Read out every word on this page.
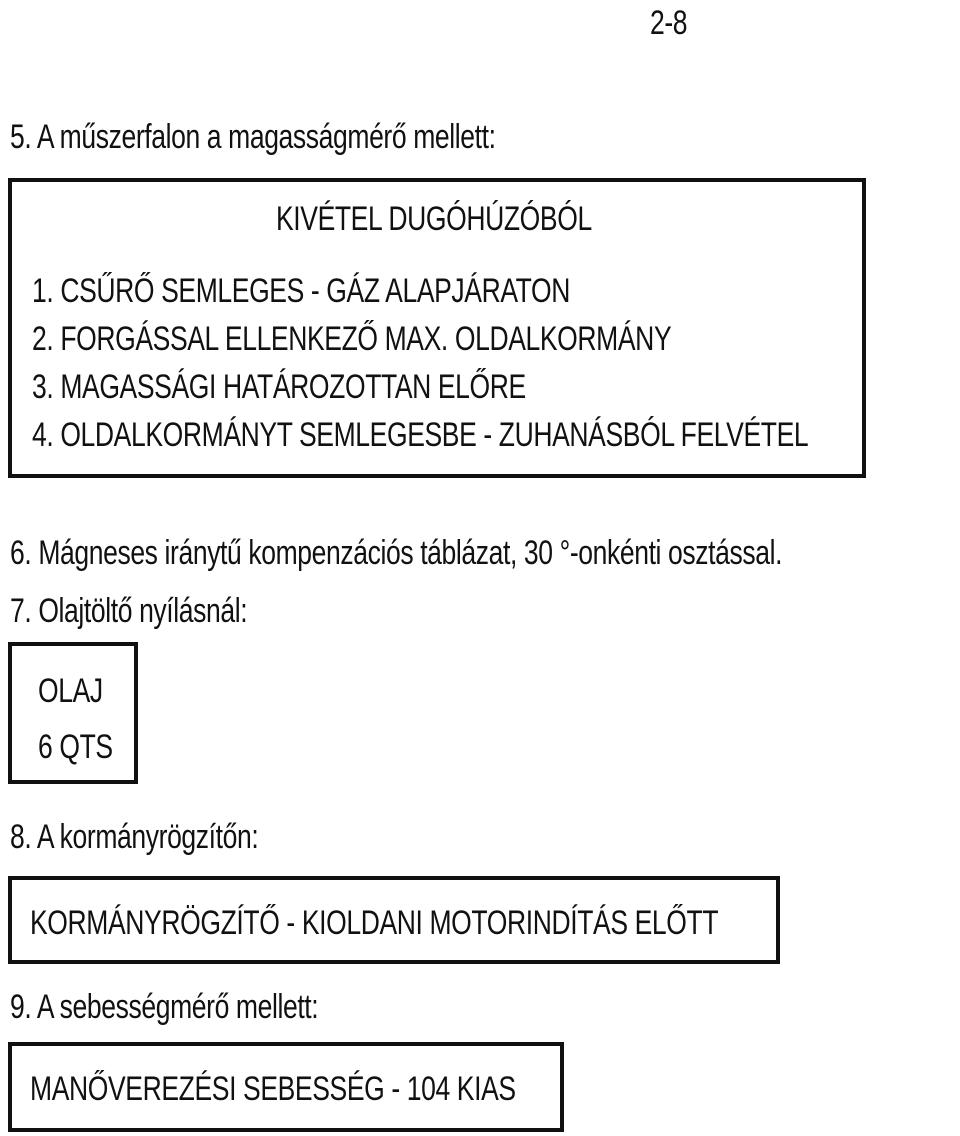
2-8
5. A műszerfalon a magasságmérő mellett:
KIVÉTEL DUGÓHÚZÓBÓL
1. CSŰRŐ SEMLEGES - GÁZ ALAPJÁRATON
2. FORGÁSSAL ELLENKEZŐ MAX. OLDALKORMÁNY
3. MAGASSÁGI HATÁROZOTTAN ELŐRE
4. OLDALKORMÁNYT SEMLEGESBE - ZUHANÁSBÓL FELVÉTEL
6. Mágneses iránytű kompenzációs táblázat, 30 °-onkénti osztással.
7. Olajtöltő nyílásnál:
OLAJ
6 QTS
8. A kormányrögzítőn:
KORMÁNYRÖGZÍTŐ - KIOLDANI MOTORINDÍTÁS ELŐTT
9. A sebességmérő mellett:
MANŐVEREZÉSI SEBESSÉG - 104 KIAS
